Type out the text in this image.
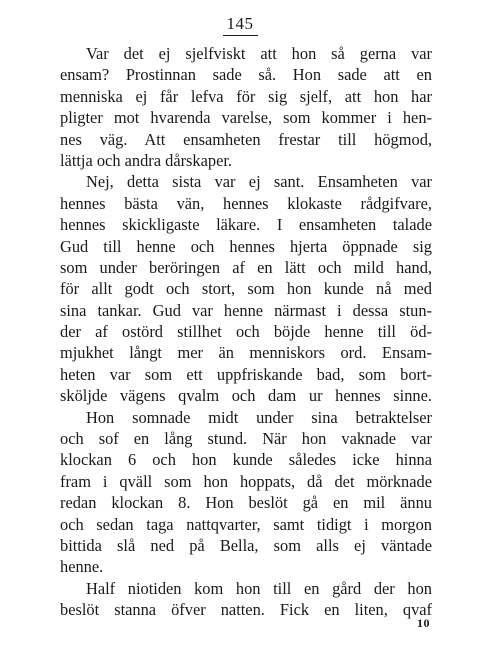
145
Var det ej sjelfviskt att hon så gerna var
ensam? Prostinnan sade så. Hon sade att en
menniska ej får lefva för sig sjelf, att hon har
pligter mot hvarenda varelse, som kommer i hen-
nes väg. Att ensamheten frestar till högmod,
lättja och andra dårskaper.
Nej, detta sista var ej sant. Ensamheten var
hennes bästa vän, hennes klokaste rådgifvare,
hennes skickligaste läkare. I ensamheten talade
Gud till henne och hennes hjerta öppnade sig
som under beröringen af en lätt och mild hand,
för allt godt och stort, som hon kunde nå med
sina tankar. Gud var henne närmast i dessa stun-
der af ostörd stillhet och böjde henne till öd-
mjukhet långt mer än menniskors ord. Ensam-
heten var som ett uppfriskande bad, som bort-
sköljde vägens qvalm och dam ur hennes sinne.
Hon somnade midt under sina betraktelser
och sof en lång stund. När hon vaknade var
klockan 6 och hon kunde således icke hinna
fram i qväll som hon hoppats, då det mörknade
redan klockan 8. Hon beslöt gå en mil ännu
och sedan taga nattqvarter, samt tidigt i morgon
bittida slå ned på Bella, som alls ej väntade
henne.
Half niotiden kom hon till en gård der hon
beslöt stanna öfver natten. Fick en liten, qvaf
10
